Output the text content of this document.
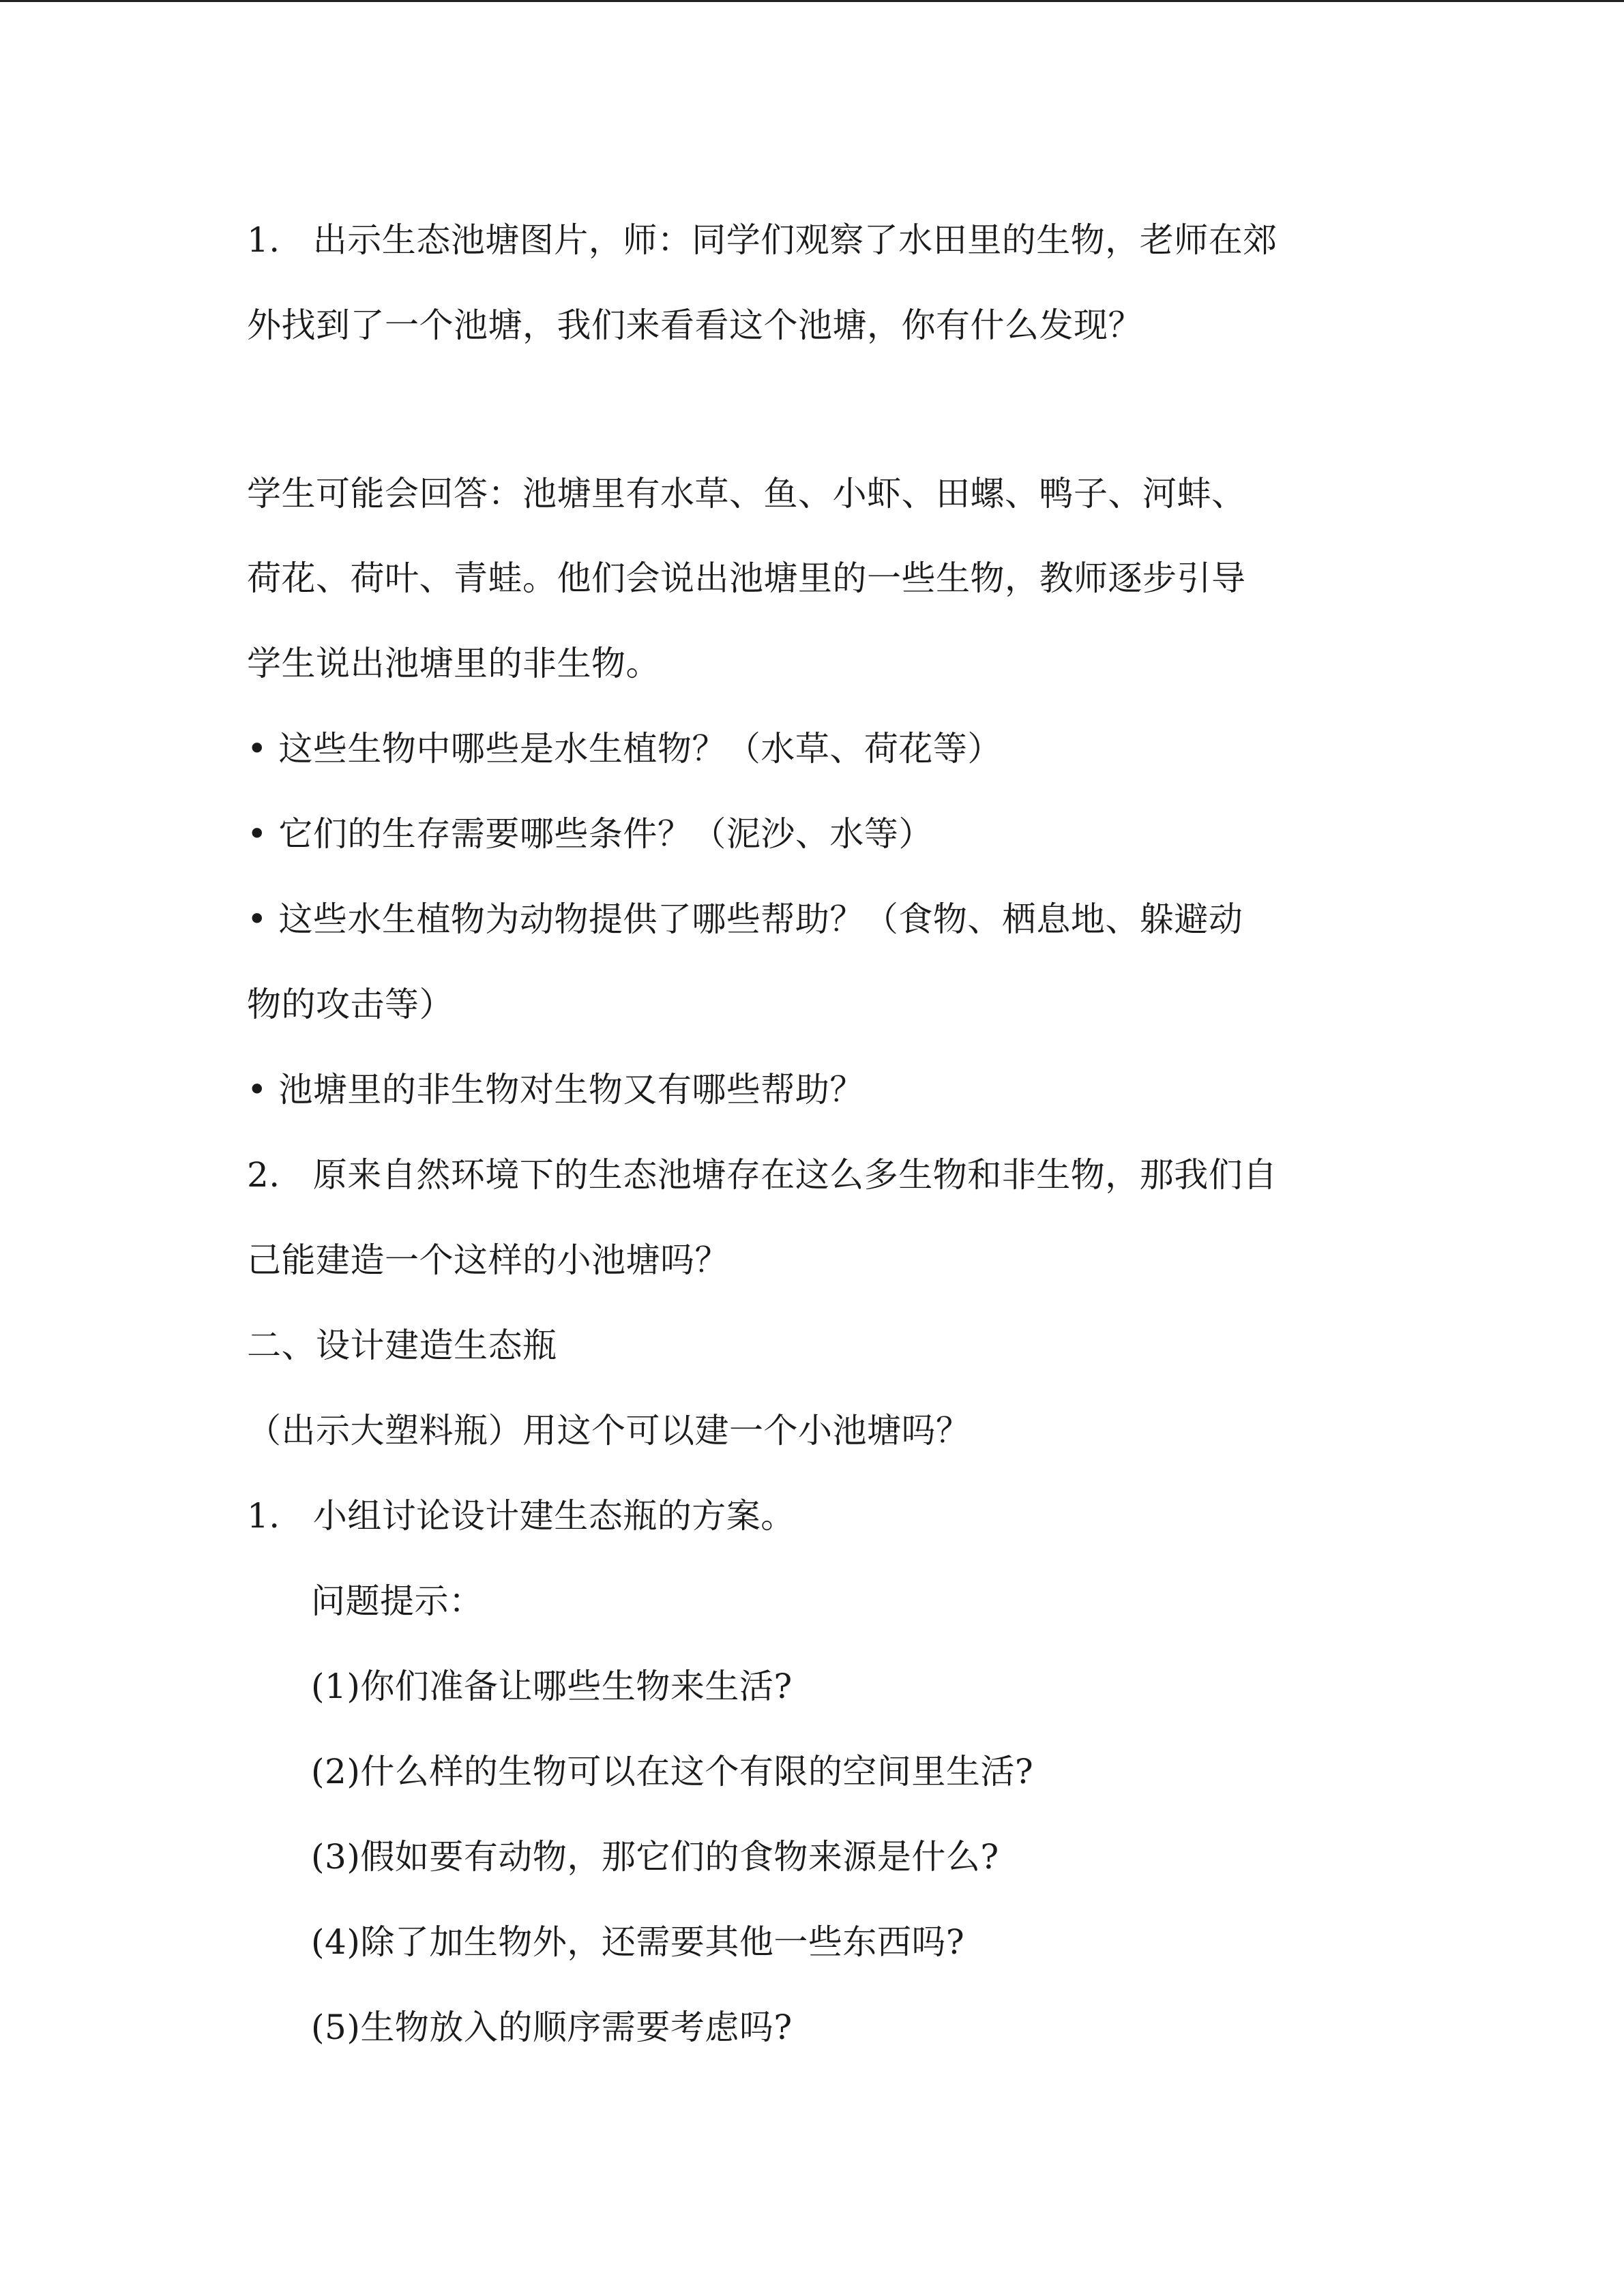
1. 出示生态池塘图片，师：同学们观察了水田里的生物，老师在郊
外找到了一个池塘，我们来看看这个池塘，你有什么发现？
学生可能会回答：池塘里有水草、鱼、小虾、田螺、鸭子、河蚌、
荷花、荷叶、青蛙。他们会说出池塘里的一些生物，教师逐步引导
学生说出池塘里的非生物。
• 这些生物中哪些是水生植物？（水草、荷花等）
• 它们的生存需要哪些条件？（泥沙、水等）
• 这些水生植物为动物提供了哪些帮助？（食物、栖息地、躲避动
物的攻击等）
• 池塘里的非生物对生物又有哪些帮助？
2. 原来自然环境下的生态池塘存在这么多生物和非生物，那我们自
己能建造一个这样的小池塘吗？
二、设计建造生态瓶
（出示大塑料瓶）用这个可以建一个小池塘吗？
1. 小组讨论设计建生态瓶的方案。
问题提示：
(1)你们准备让哪些生物来生活?
(2)什么样的生物可以在这个有限的空间里生活?
(3)假如要有动物，那它们的食物来源是什么?
(4)除了加生物外，还需要其他一些东西吗?
(5)生物放入的顺序需要考虑吗?
